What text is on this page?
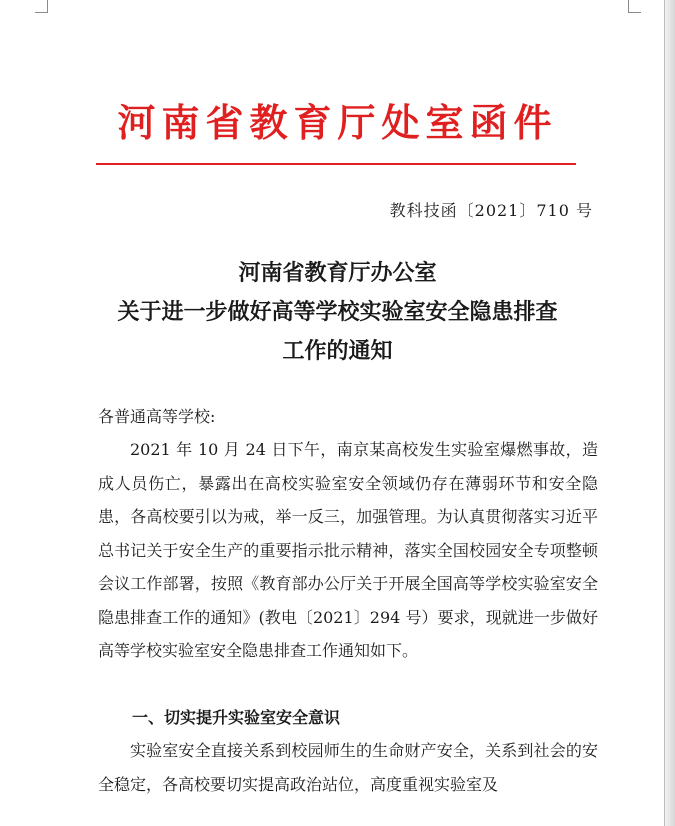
河南省教育厅处室函件
教科技函〔2021〕710 号
河南省教育厅办公室
关于进一步做好高等学校实验室安全隐患排查
工作的通知
各普通高等学校:
2021 年 10 月 24 日下午，南京某高校发生实验室爆燃事故，造成人员伤亡，暴露出在高校实验室安全领域仍存在薄弱环节和安全隐患，各高校要引以为戒，举一反三，加强管理。为认真贯彻落实习近平总书记关于安全生产的重要指示批示精神，落实全国校园安全专项整顿会议工作部署，按照《教育部办公厅关于开展全国高等学校实验室安全隐患排查工作的通知》(教电〔2021〕294 号）要求，现就进一步做好高等学校实验室安全隐患排查工作通知如下。
一、切实提升实验室安全意识
实验室安全直接关系到校园师生的生命财产安全，关系到社会的安全稳定，各高校要切实提高政治站位，高度重视实验室及
